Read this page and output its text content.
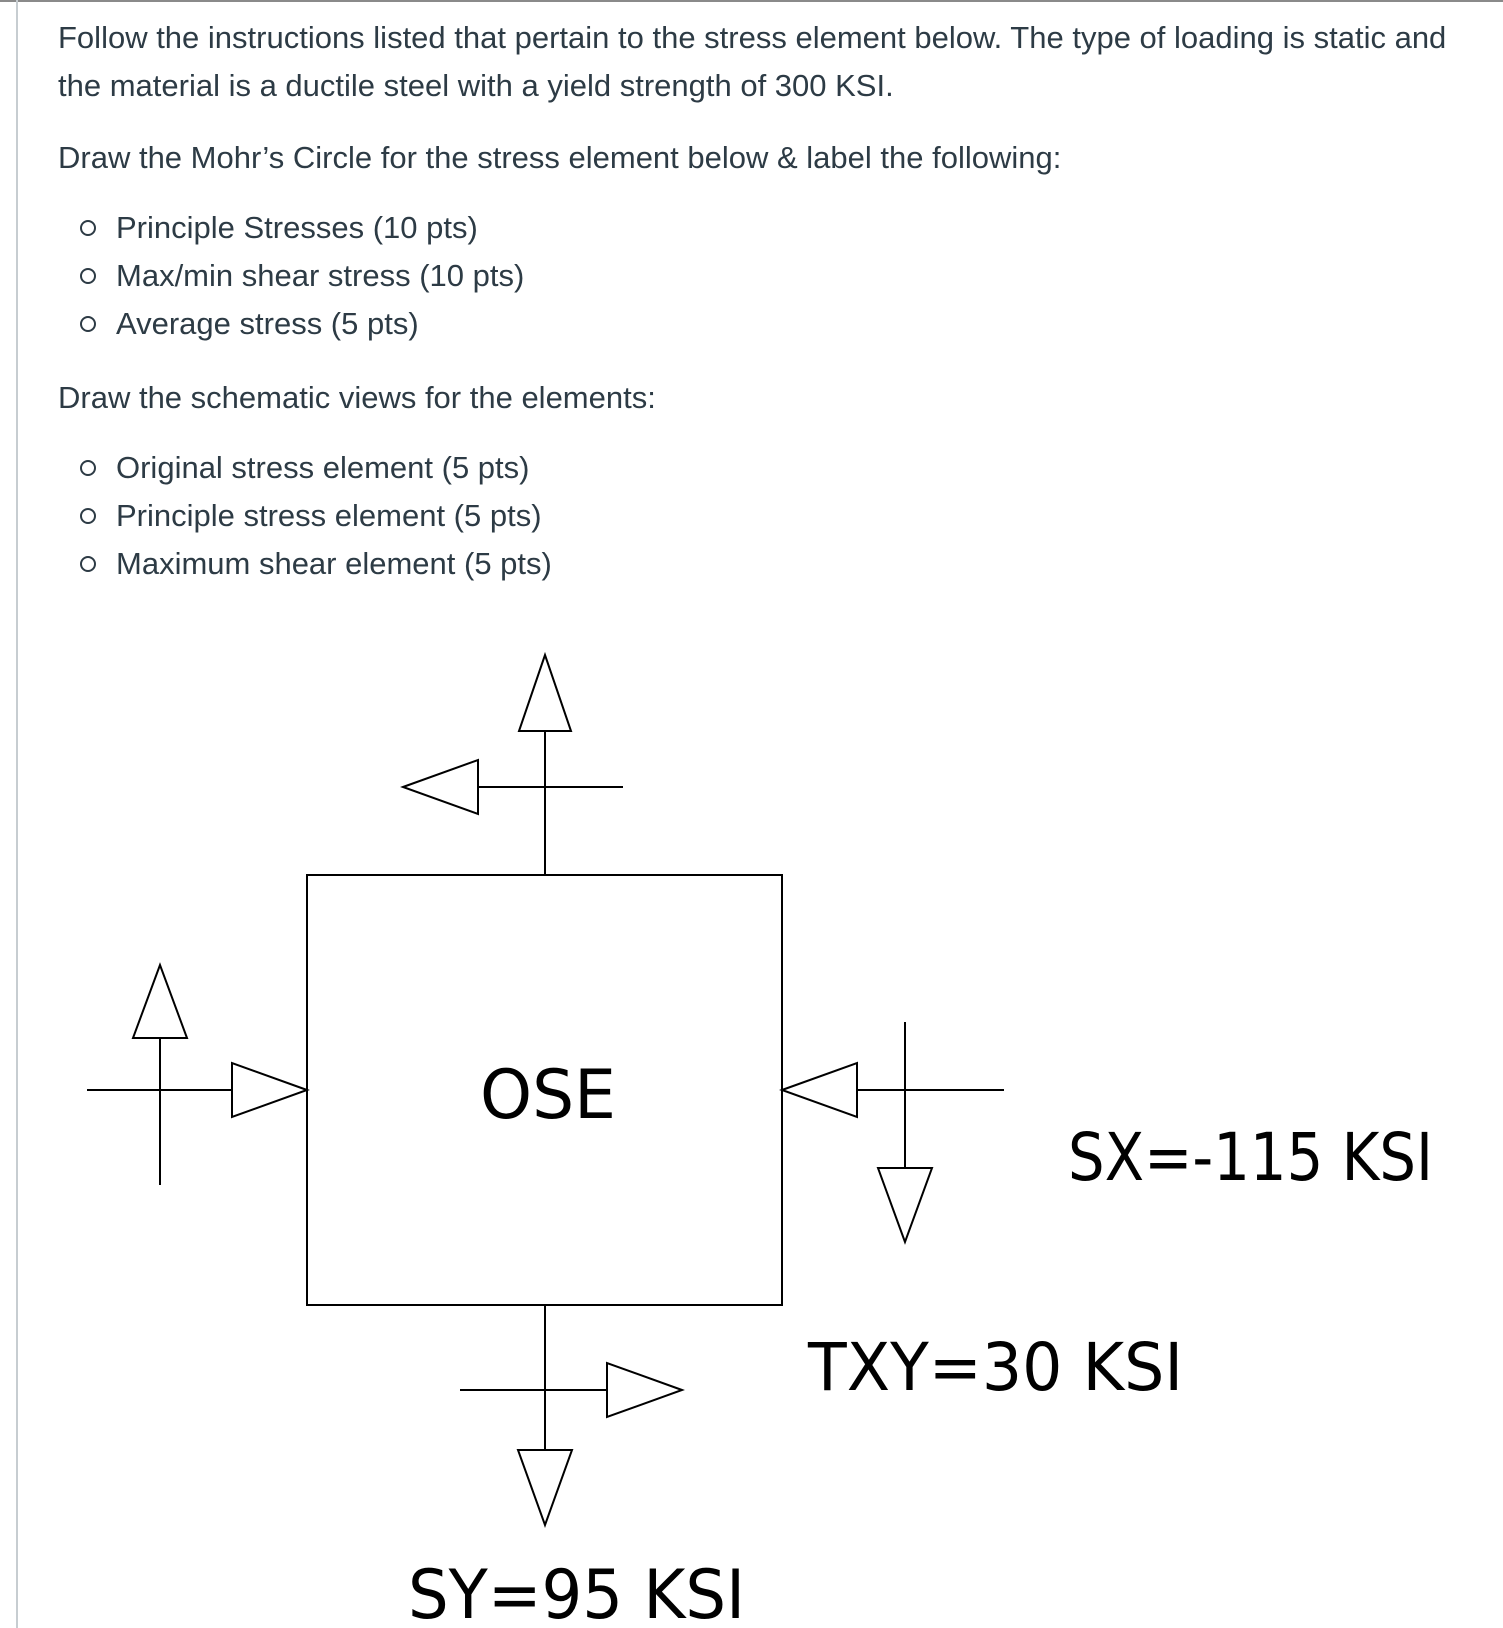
Follow the instructions listed that pertain to the stress element below. The type of loading is static and the material is a ductile steel with a yield strength of 300 KSI.

Draw the Mohr’s Circle for the stress element below & label the following:

Principle Stresses (10 pts)
Max/min shear stress (10 pts)
Average stress (5 pts)

Draw the schematic views for the elements:

Original stress element (5 pts)
Principle stress element (5 pts)
Maximum shear element (5 pts)
OSE
SX=-115 KSI
TXY=30 KSI
SY=95 KSI
